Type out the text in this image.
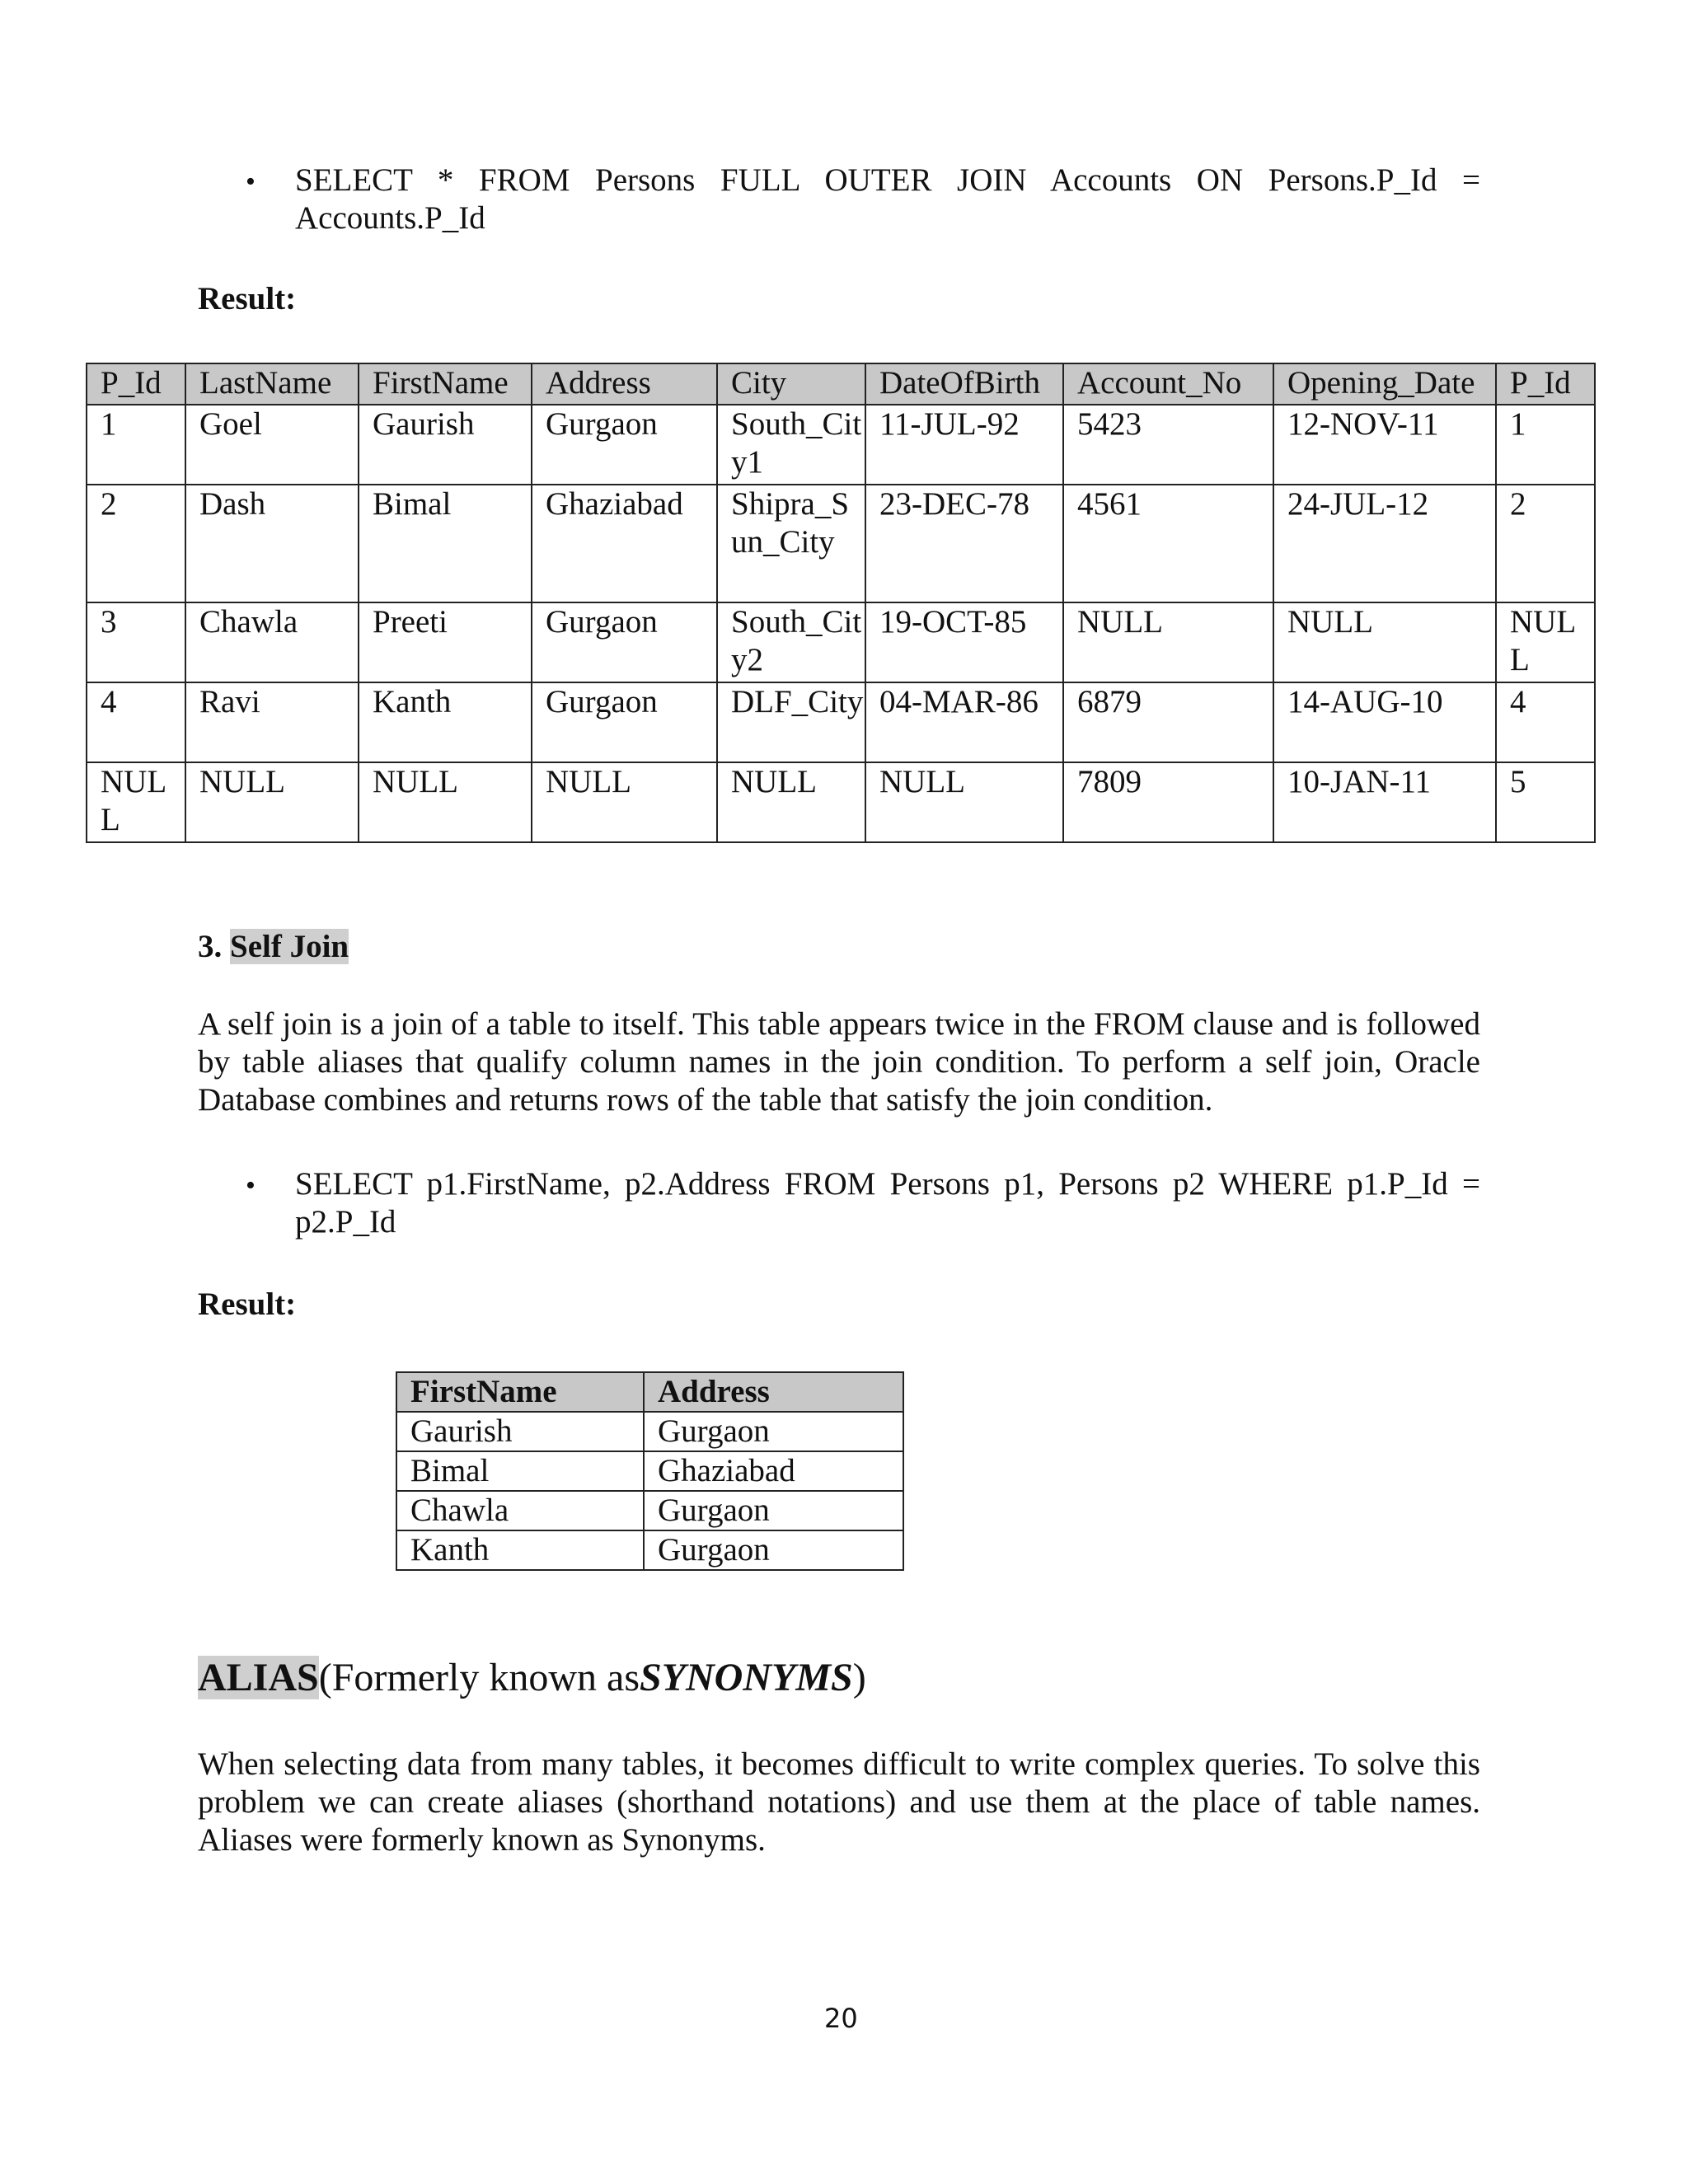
• SELECT * FROM Persons FULL OUTER JOIN Accounts ON Persons.P_Id =
Accounts.P_Id
Result:
P_Id	LastName	FirstName	Address	City	DateOfBirth	Account_No	Opening_Date	P_Id
1	Goel	Gaurish	Gurgaon	South_City1	11-JUL-92	5423	12-NOV-11	1
2	Dash	Bimal	Ghaziabad	Shipra_Sun_City	23-DEC-78	4561	24-JUL-12	2
3	Chawla	Preeti	Gurgaon	South_City2	19-OCT-85	NULL	NULL	NULL
4	Ravi	Kanth	Gurgaon	DLF_City	04-MAR-86	6879	14-AUG-10	4
NULL	NULL	NULL	NULL	NULL	NULL	7809	10-JAN-11	5
3. Self Join
A self join is a join of a table to itself. This table appears twice in the FROM clause and is followed by table aliases that qualify column names in the join condition. To perform a self join, Oracle Database combines and returns rows of the table that satisfy the join condition.
• SELECT p1.FirstName, p2.Address FROM Persons p1, Persons p2 WHERE p1.P_Id =
p2.P_Id
Result:
FirstName	Address
Gaurish	Gurgaon
Bimal	Ghaziabad
Chawla	Gurgaon
Kanth	Gurgaon
ALIAS(Formerly known asSYNONYMS)
When selecting data from many tables, it becomes difficult to write complex queries. To solve this problem we can create aliases (shorthand notations) and use them at the place of table names. Aliases were formerly known as Synonyms.
20
